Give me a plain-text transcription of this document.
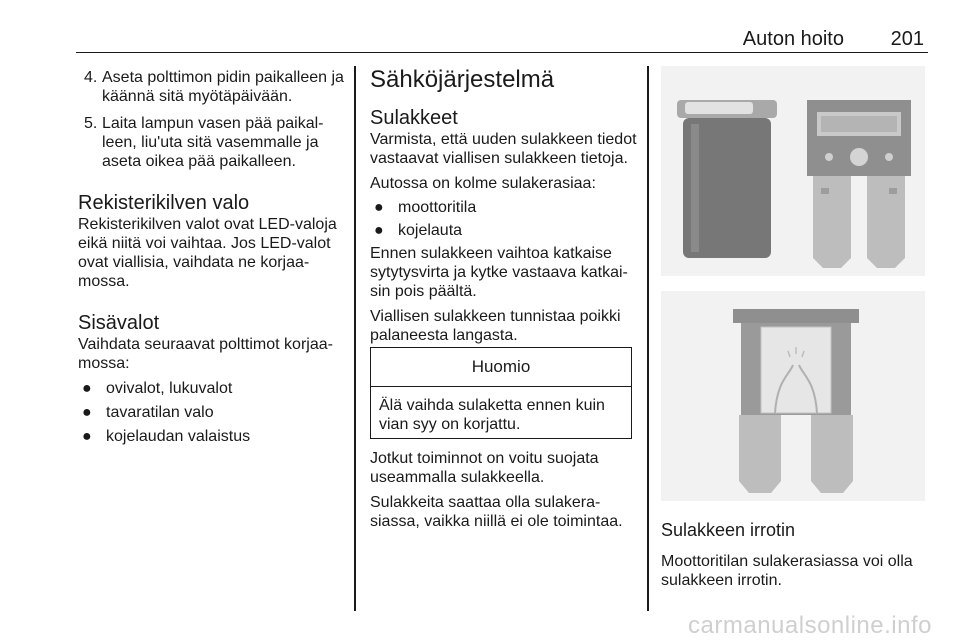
Auton hoito 201
4. Aseta polttimon pidin paikalleen ja käännä sitä myötäpäivään.

5. Laita lampun vasen pää paikal-leen, liu'uta sitä vasemmalle ja aseta oikea pää paikalleen.

Rekisterikilven valo

Rekisterikilven valot ovat LED-valoja eikä niitä voi vaihtaa. Jos LED-valot ovat viallisia, vaihdata ne korjaa-mossa.

Sisävalot

Vaihdata seuraavat polttimot korjaa-mossa:

● ovivalot, lukuvalot
● tavaratilan valo
● kojelaudan valaistus
Sähköjärjestelmä
Sulakkeet

Varmista, että uuden sulakkeen tiedot vastaavat viallisen sulakkeen tietoja.

Autossa on kolme sulakerasiaa:

● moottoritila
● kojelauta

Ennen sulakkeen vaihtoa katkaise sytytysvirta ja kytke vastaava katkai-sin pois päältä.

Viallisen sulakkeen tunnistaa poikki palaneesta langasta.

Huomio
Älä vaihda sulaketta ennen kuin vian syy on korjattu.

Jotkut toiminnot on voitu suojata useammalla sulakkeella.

Sulakkeita saattaa olla sulakera-siassa, vaikka niillä ei ole toimintaa.	Sulakkeen irrotin

Moottoritilan sulakerasiassa voi olla sulakkeen irrotin.

carmanualsonline.info
